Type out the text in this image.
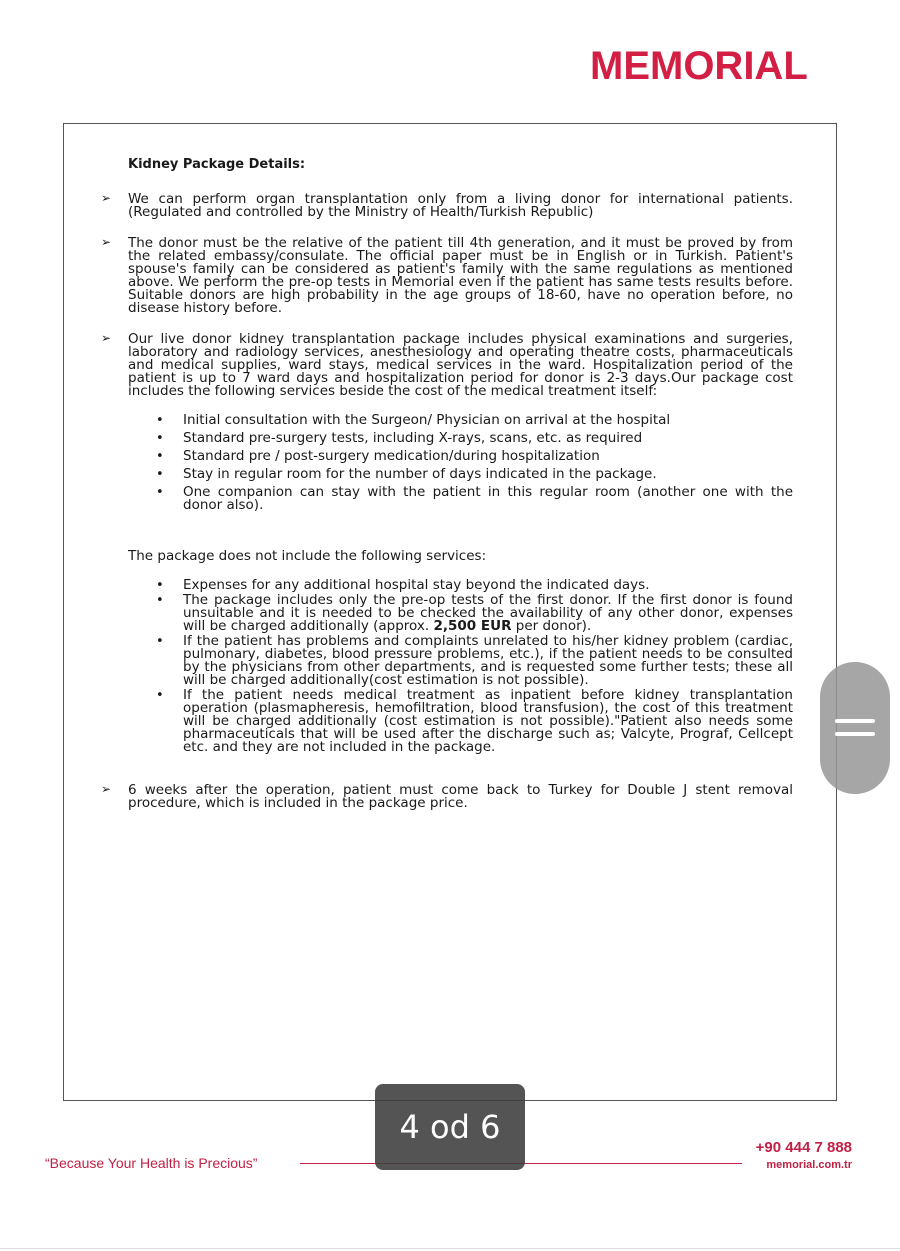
MEMORIAL
Kidney Package Details:
➢ We can perform organ transplantation only from a living donor for international patients. (Regulated and controlled by the Ministry of Health/Turkish Republic)
➢ The donor must be the relative of the patient till 4th generation, and it must be proved by from the related embassy/consulate. The official paper must be in English or in Turkish. Patient's spouse's family can be considered as patient's family with the same regulations as mentioned above. We perform the pre-op tests in Memorial even if the patient has same tests results before. Suitable donors are high probability in the age groups of 18-60, have no operation before, no disease history before.
➢ Our live donor kidney transplantation package includes physical examinations and surgeries, laboratory and radiology services, anesthesiology and operating theatre costs, pharmaceuticals and medical supplies, ward stays, medical services in the ward. Hospitalization period of the patient is up to 7 ward days and hospitalization period for donor is 2-3 days.Our package cost includes the following services beside the cost of the medical treatment itself:
• Initial consultation with the Surgeon/ Physician on arrival at the hospital
• Standard pre-surgery tests, including X-rays, scans, etc. as required
• Standard pre / post-surgery medication/during hospitalization
• Stay in regular room for the number of days indicated in the package.
• One companion can stay with the patient in this regular room (another one with the donor also).
The package does not include the following services:
• Expenses for any additional hospital stay beyond the indicated days.
• The package includes only the pre-op tests of the first donor. If the first donor is found unsuitable and it is needed to be checked the availability of any other donor, expenses will be charged additionally (approx. 2,500 EUR per donor).
• If the patient has problems and complaints unrelated to his/her kidney problem (cardiac, pulmonary, diabetes, blood pressure problems, etc.), if the patient needs to be consulted by the physicians from other departments, and is requested some further tests; these all will be charged additionally(cost estimation is not possible).
• If the patient needs medical treatment as inpatient before kidney transplantation operation (plasmapheresis, hemofiltration, blood transfusion), the cost of this treatment will be charged additionally (cost estimation is not possible)."Patient also needs some pharmaceuticals that will be used after the discharge such as; Valcyte, Prograf, Cellcept etc. and they are not included in the package.
➢ 6 weeks after the operation, patient must come back to Turkey for Double J stent removal procedure, which is included in the package price.
“Because Your Health is Precious”
+90 444 7 888
memorial.com.tr
4 od 6
